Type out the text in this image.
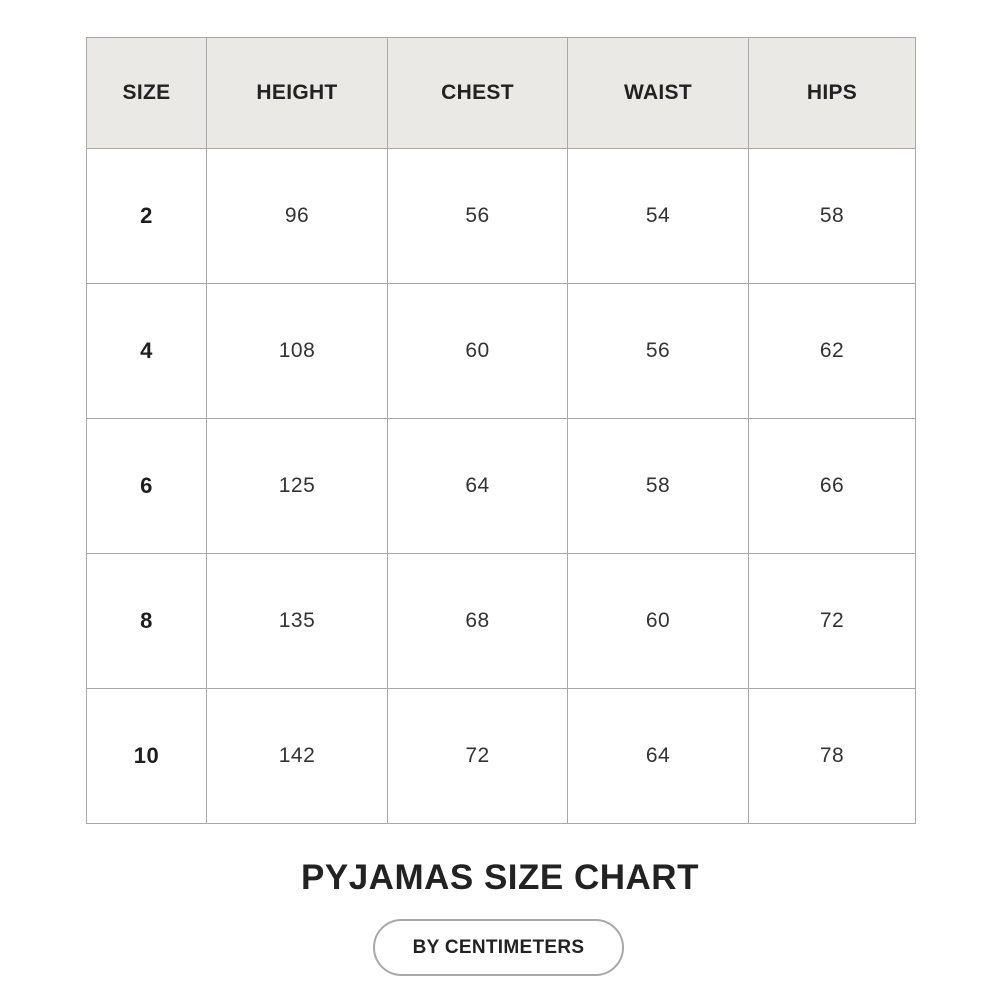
SIZE	HEIGHT	CHEST	WAIST	HIPS
2	96	56	54	58
4	108	60	56	62
6	125	64	58	66
8	135	68	60	72
10	142	72	64	78
PYJAMAS SIZE CHART
BY CENTIMETERS
